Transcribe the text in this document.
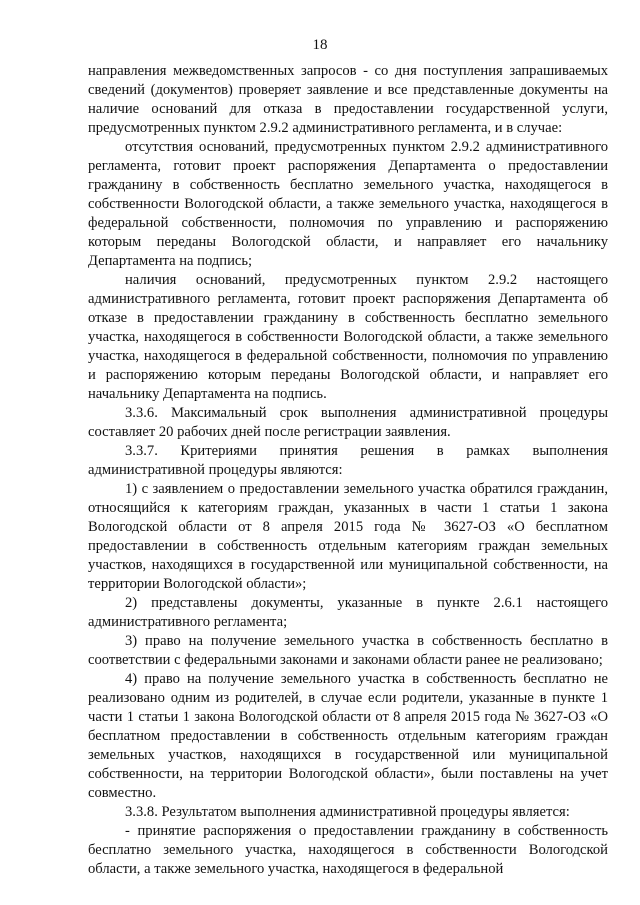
18

направления межведомственных запросов - со дня поступления запрашиваемых сведений (документов) проверяет заявление и все представленные документы на наличие оснований для отказа в предоставлении государственной услуги, предусмотренных пунктом 2.9.2 административного регламента, и в случае:

отсутствия оснований, предусмотренных пунктом 2.9.2 административного регламента, готовит проект распоряжения Департамента о предоставлении гражданину в собственность бесплатно земельного участка, находящегося в собственности Вологодской области, а также земельного участка, находящегося в федеральной собственности, полномочия по управлению и распоряжению которым переданы Вологодской области, и направляет его начальнику Департамента на подпись;

наличия оснований, предусмотренных пунктом 2.9.2 настоящего административного регламента, готовит проект распоряжения Департамента об отказе в предоставлении гражданину в собственность бесплатно земельного участка, находящегося в собственности Вологодской области, а также земельного участка, находящегося в федеральной собственности, полномочия по управлению и распоряжению которым переданы Вологодской области, и направляет его начальнику Департамента на подпись.

3.3.6. Максимальный срок выполнения административной процедуры составляет 20 рабочих дней после регистрации заявления.

3.3.7. Критериями принятия решения в рамках выполнения административной процедуры являются:

1) с заявлением о предоставлении земельного участка обратился гражданин, относящийся к категориям граждан, указанных в части 1 статьи 1 закона Вологодской области от 8 апреля 2015 года № 3627-ОЗ «О бесплатном предоставлении в собственность отдельным категориям граждан земельных участков, находящихся в государственной или муниципальной собственности, на территории Вологодской области»;

2) представлены документы, указанные в пункте 2.6.1 настоящего административного регламента;

3) право на получение земельного участка в собственность бесплатно в соответствии с федеральными законами и законами области ранее не реализовано;

4) право на получение земельного участка в собственность бесплатно не реализовано одним из родителей, в случае если родители, указанные в пункте 1 части 1 статьи 1 закона Вологодской области от 8 апреля 2015 года № 3627-ОЗ «О бесплатном предоставлении в собственность отдельным категориям граждан земельных участков, находящихся в государственной или муниципальной собственности, на территории Вологодской области», были поставлены на учет совместно.

3.3.8. Результатом выполнения административной процедуры является:

- принятие распоряжения о предоставлении гражданину в собственность бесплатно земельного участка, находящегося в собственности Вологодской области, а также земельного участка, находящегося в федеральной
